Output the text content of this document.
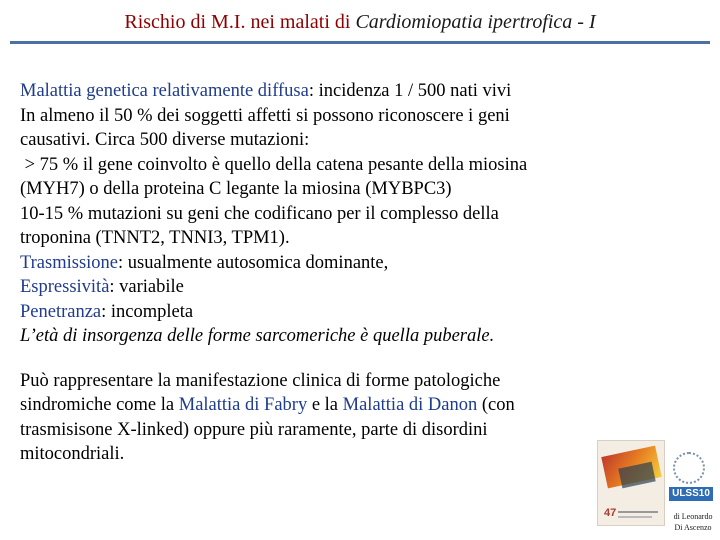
Rischio di M.I. nei malati di Cardiomiopatia ipertrofica - I
Malattia genetica relativamente diffusa: incidenza 1 / 500 nati vivi
In almeno il 50 % dei soggetti affetti si possono riconoscere i geni
causativi. Circa 500 diverse mutazioni:
> 75 % il gene coinvolto è quello della catena pesante della miosina
(MYH7) o della proteina C legante la miosina (MYBPC3)
10-15 % mutazioni su geni che codificano per il complesso della
troponina (TNNT2, TNNI3, TPM1).
Trasmissione: usualmente autosomica dominante,
Espressività: variabile
Penetranza: incompleta
L’età di insorgenza delle forme sarcomeriche è quella puberale.
Può rappresentare la manifestazione clinica di forme patologiche
sindromiche come la Malattia di Fabry e la Malattia di Danon (con
trasmisisone X-linked) oppure più raramente, parte di disordini
mitocondriali.
47
ULSS10
di Leonardo
Di Ascenzo
